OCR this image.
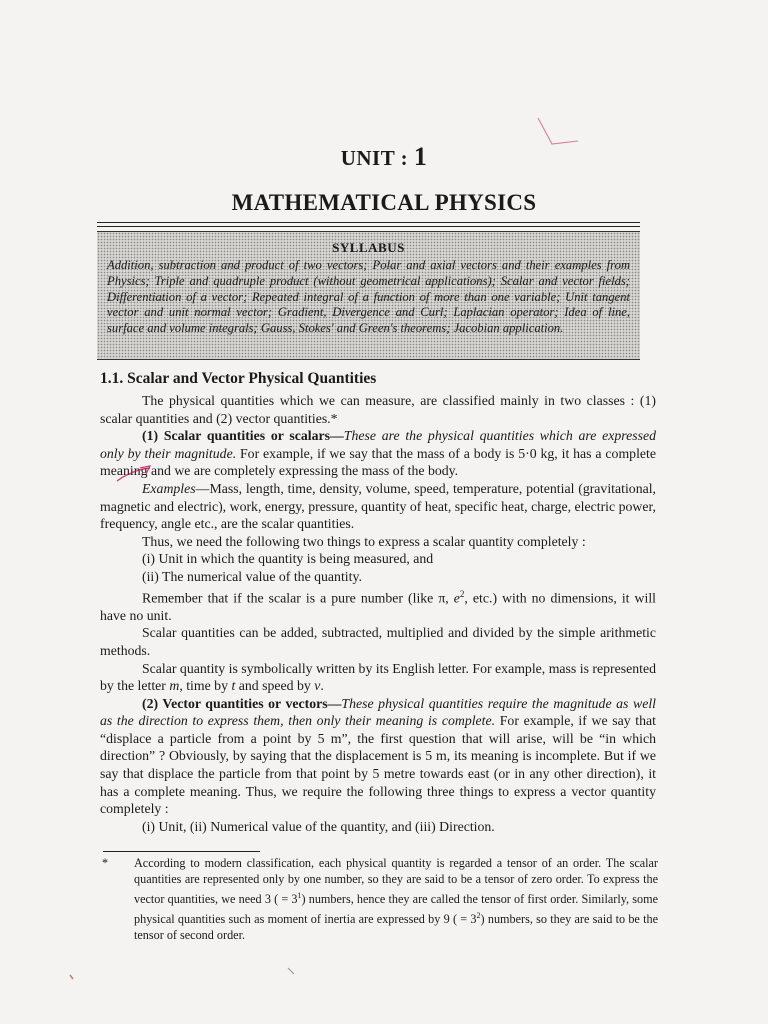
UNIT : 1
MATHEMATICAL PHYSICS
SYLLABUS
Addition, subtraction and product of two vectors; Polar and axial vectors and their examples from Physics; Triple and quadruple product (without geometrical applications); Scalar and vector fields; Differentiation of a vector; Repeated integral of a function of more than one variable; Unit tangent vector and unit normal vector; Gradient, Divergence and Curl; Laplacian operator; Idea of line, surface and volume integrals; Gauss, Stokes' and Green's theorems; Jacobian application.
1.1. Scalar and Vector Physical Quantities

The physical quantities which we can measure, are classified mainly in two classes : (1) scalar quantities and (2) vector quantities.*

(1) Scalar quantities or scalars—These are the physical quantities which are expressed only by their magnitude. For example, if we say that the mass of a body is 5·0 kg, it has a complete meaning and we are completely expressing the mass of the body.

Examples—Mass, length, time, density, volume, speed, temperature, potential (gravitational, magnetic and electric), work, energy, pressure, quantity of heat, specific heat, charge, electric power, frequency, angle etc., are the scalar quantities.

Thus, we need the following two things to express a scalar quantity completely :

(i) Unit in which the quantity is being measured, and

(ii) The numerical value of the quantity.

Remember that if the scalar is a pure number (like π, $e^2$, etc.) with no dimensions, it will have no unit.

Scalar quantities can be added, subtracted, multiplied and divided by the simple arithmetic methods.

Scalar quantity is symbolically written by its English letter. For example, mass is represented by the letter m, time by t and speed by v.

(2) Vector quantities or vectors—These physical quantities require the magnitude as well as the direction to express them, then only their meaning is complete. For example, if we say that “displace a particle from a point by 5 m”, the first question that will arise, will be “in which direction” ? Obviously, by saying that the displacement is 5 m, its meaning is incomplete. But if we say that displace the particle from that point by 5 metre towards east (or in any other direction), it has a complete meaning. Thus, we require the following three things to express a vector quantity completely :

(i) Unit, (ii) Numerical value of the quantity, and (iii) Direction.

* According to modern classification, each physical quantity is regarded a tensor of an order. The scalar quantities are represented only by one number, so they are said to be a tensor of zero order. To express the vector quantities, we need 3 ( = $3^1$) numbers, hence they are called the tensor of first order. Similarly, some physical quantities such as moment of inertia are expressed by 9 ( = $3^2$) numbers, so they are said to be the tensor of second order.
